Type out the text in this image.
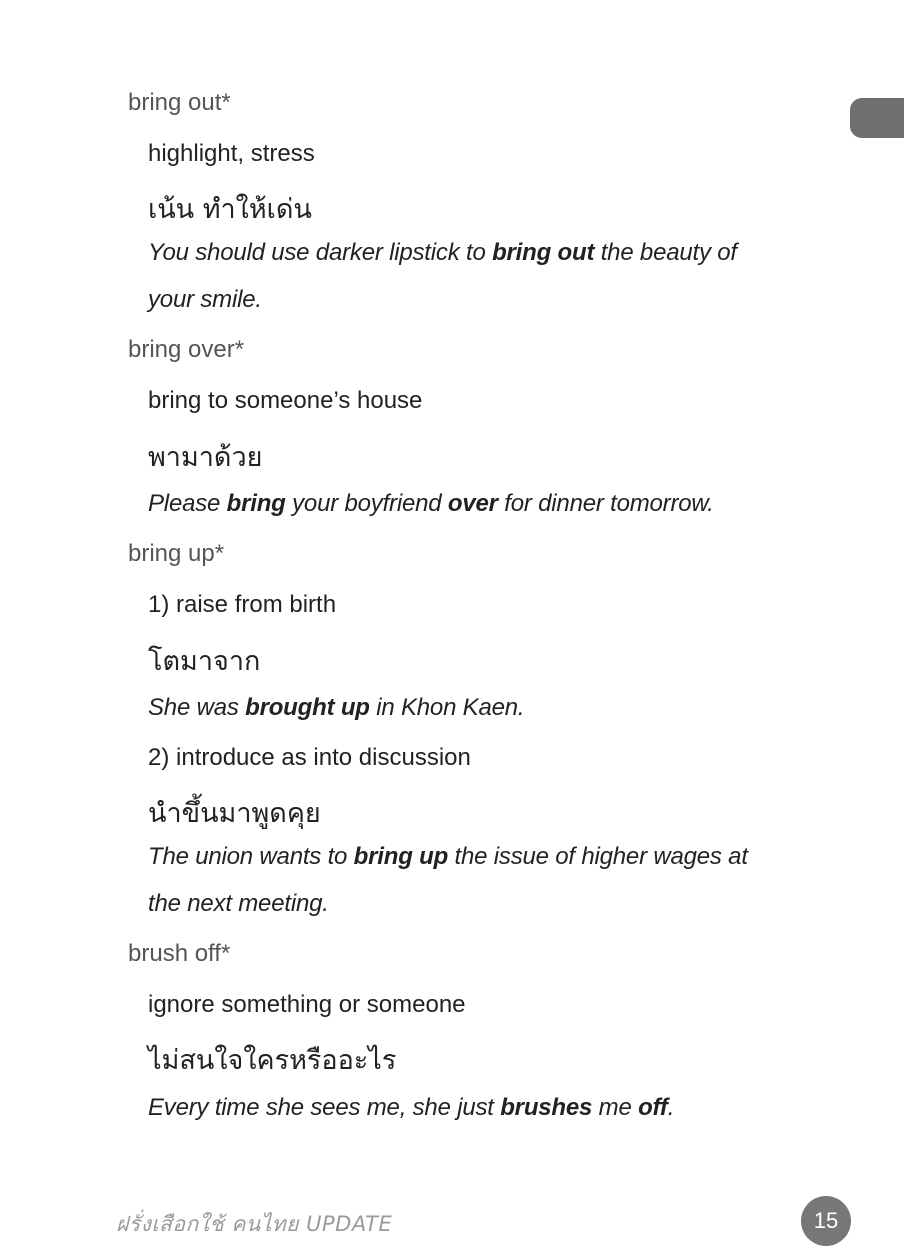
bring out*
highlight, stress
เน้น ทำให้เด่น
You should use darker lipstick to bring out the beauty of
your smile.
bring over*
bring to someone’s house
พามาด้วย
Please bring your boyfriend over for dinner tomorrow.
bring up*
1) raise from birth
โตมาจาก
She was brought up in Khon Kaen.
2) introduce as into discussion
นำขึ้นมาพูดคุย
The union wants to bring up the issue of higher wages at
the next meeting.
brush off*
ignore something or someone
ไม่สนใจใครหรืออะไร
Every time she sees me, she just brushes me off.
ฝรั่งเสือกใช้ คนไทย UPDATE	15
